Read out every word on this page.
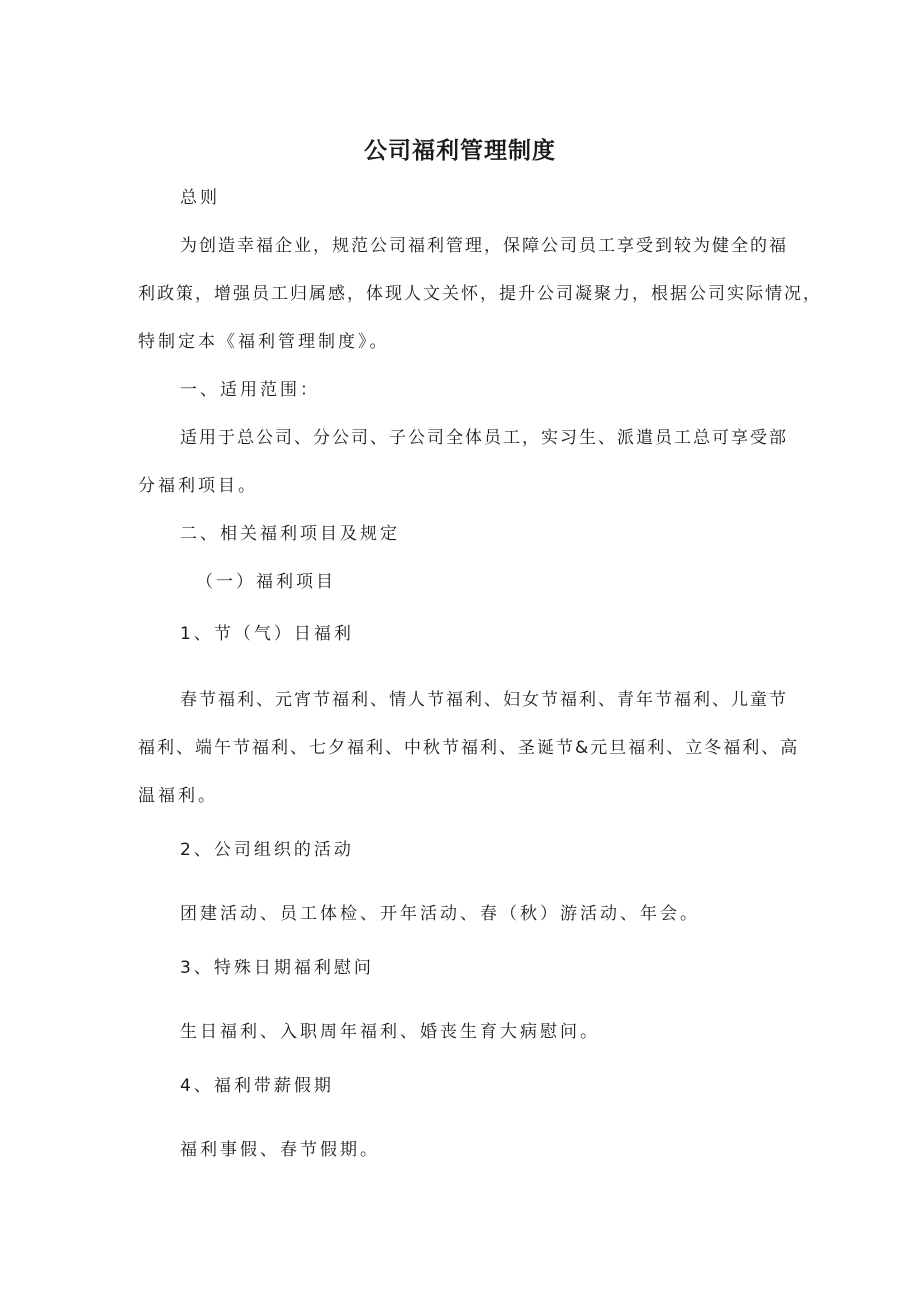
公司福利管理制度
总则
为创造幸福企业，规范公司福利管理，保障公司员工享受到较为健全的福
利政策，增强员工归属感，体现人文关怀，提升公司凝聚力，根据公司实际情况，
特制定本《福利管理制度》。
一、适用范围：
适用于总公司、分公司、子公司全体员工，实习生、派遣员工总可享受部
分福利项目。
二、相关福利项目及规定
（一）福利项目
1、节（气）日福利
春节福利、元宵节福利、情人节福利、妇女节福利、青年节福利、儿童节
福利、端午节福利、七夕福利、中秋节福利、圣诞节&元旦福利、立冬福利、高
温福利。
2、公司组织的活动
团建活动、员工体检、开年活动、春（秋）游活动、年会。
3、特殊日期福利慰问
生日福利、入职周年福利、婚丧生育大病慰问。
4、福利带薪假期
福利事假、春节假期。
